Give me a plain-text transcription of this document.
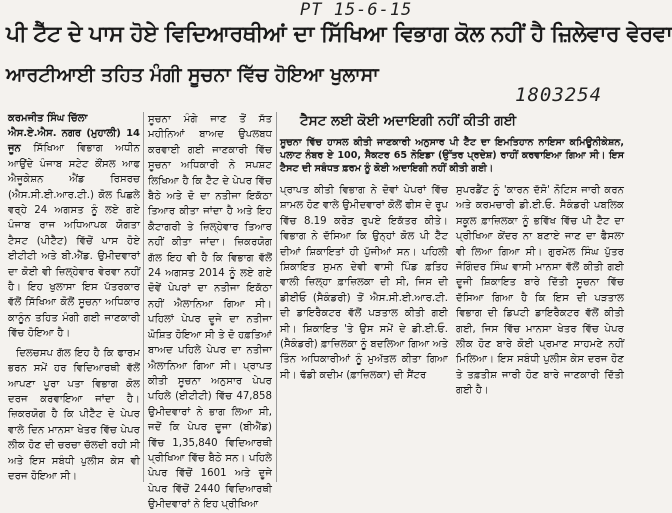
PT 15-6-15
1803254
ਪੀ ਟੈੱਟ ਦੇ ਪਾਸ ਹੋਏ ਵਿਦਿਆਰਥੀਆਂ ਦਾ ਸਿੱਖਿਆ ਵਿਭਾਗ ਕੋਲ ਨਹੀਂ ਹੈ ਜ਼ਿਲੇਵਾਰ ਵੇਰਵਾ
ਆਰਟੀਆਈ ਤਹਿਤ ਮੰਗੀ ਸੂਚਨਾ ਵਿੱਚ ਹੋਇਆ ਖੁਲਾਸਾ
ਕਰਮਜੀਤ ਸਿੰਘ ਚਿੱਲਾ
ਐਸ.ਏ.ਐਸ. ਨਗਰ (ਮੁਹਾਲੀ) 14 ਜੂਨ ਸਿੱਖਿਆ ਵਿਭਾਗ ਅਧੀਨ ਆਉਂਦੇ ਪੰਜਾਬ ਸਟੇਟ ਕੌਂਸਲ ਆਫ ਐਜੂਕੇਸ਼ਨ ਐਂਡ ਰਿਸਰਚ (ਐਸ.ਸੀ.ਈ.ਆਰ.ਟੀ.) ਕੋਲ ਪਿਛਲੇ ਵਰ੍ਹੇ 24 ਅਗਸਤ ਨੂੰ ਲਏ ਗਏ ਪੰਜਾਬ ਰਾਜ ਅਧਿਆਪਕ ਯੋਗਤਾ ਟੈਸਟ (ਪੀਟੈੱਟ) ਵਿੱਚੋਂ ਪਾਸ ਹੋਏ ਈਟੀਟੀ ਅਤੇ ਬੀ.ਐੱਡ. ਉਮੀਦਵਾਰਾਂ ਦਾ ਕੋਈ ਵੀ ਜ਼ਿਲ੍ਹੇਵਾਰ ਵੇਰਵਾ ਨਹੀਂ ਹੈ। ਇਹ ਖੁਲਾਸਾ ਇਸ ਪੱਤਰਕਾਰ ਵੱਲੋਂ ਸਿੱਖਿਆ ਕੋਲੋਂ ਸੂਚਨਾ ਅਧਿਕਾਰ ਕਾਨੂੰਨ ਤਹਿਤ ਮੰਗੀ ਗਈ ਜਾਣਕਾਰੀ ਵਿੱਚ ਹੋਇਆ ਹੈ।

ਦਿਲਚਸਪ ਗੱਲ ਇਹ ਹੈ ਕਿ ਫਾਰਮ ਭਰਨ ਸਮੇਂ ਹਰ ਵਿਦਿਆਰਥੀ ਵੱਲੋਂ ਆਪਣਾ ਪੂਰਾ ਪਤਾ ਵਿਭਾਗ ਕੋਲ ਦਰਜ ਕਰਵਾਇਆ ਜਾਂਦਾ ਹੈ। ਜ਼ਿਕਰਯੋਗ ਹੈ ਕਿ ਪੀਟੈੱਟ ਦੇ ਪੇਪਰ ਵਾਲੇ ਦਿਨ ਮਾਨਸਾ ਖੇਤਰ ਵਿੱਚ ਪੇਪਰ ਲੀਕ ਹੋਣ ਦੀ ਚਰਚਾ ਚੱਲਦੀ ਰਹੀ ਸੀ ਅਤੇ ਇਸ ਸਬੰਧੀ ਪੁਲੀਸ ਕੇਸ ਵੀ ਦਰਜ ਹੋਇਆ ਸੀ।

ਸੂਚਨਾ ਮੰਗੇ ਜਾਣ ਤੋਂ ਸੱਤ ਮਹੀਨਿਆਂ ਬਾਅਦ ਉਪਲਬਧ ਕਰਵਾਈ ਗਈ ਜਾਣਕਾਰੀ ਵਿੱਚ ਸੂਚਨਾ ਅਧਿਕਾਰੀ ਨੇ ਸਪਸ਼ਟ ਲਿਖਿਆ ਹੈ ਕਿ ਟੈੱਟ ਦੇ ਪੇਪਰ ਵਿੱਚ ਬੈਠੇ ਅਤੇ ਦੋ ਦਾ ਨਤੀਜਾ ਇਕੱਠਾ ਤਿਆਰ ਕੀਤਾ ਜਾਂਦਾ ਹੈ ਅਤੇ ਇਹ ਕੈਟਾਗਰੀ ਤੇ ਜ਼ਿਲ੍ਹੇਵਾਰ ਤਿਆਰ ਨਹੀਂ ਕੀਤਾ ਜਾਂਦਾ। ਜ਼ਿਕਰਯੋਗ ਗੱਲ ਇਹ ਵੀ ਹੈ ਕਿ ਵਿਭਾਗ ਵੱਲੋਂ 24 ਅਗਸਤ 2014 ਨੂੰ ਲਏ ਗਏ ਦੋਵੇਂ ਪੇਪਰਾਂ ਦਾ ਨਤੀਜਾ ਇਕੱਠਾ ਨਹੀਂ ਐਲਾਨਿਆ ਗਿਆ ਸੀ। ਪਹਿਲਾਂ ਪੇਪਰ ਦੂਜੇ ਦਾ ਨਤੀਜਾ ਘੋਸ਼ਿਤ ਹੋਇਆ ਸੀ ਤੇ ਦੋ ਹਫ਼ਤਿਆਂ ਬਾਅਦ ਪਹਿਲੇ ਪੇਪਰ ਦਾ ਨਤੀਜਾ ਐਲਾਨਿਆ ਗਿਆ ਸੀ। ਪ੍ਰਾਪਤ ਕੀਤੀ ਸੂਚਨਾ ਅਨੁਸਾਰ ਪੇਪਰ ਪਹਿਲੇ (ਈਟੀਟੀ) ਵਿੱਚ 47,858 ਉਮੀਦਵਾਰਾਂ ਨੇ ਭਾਗ ਲਿਆ ਸੀ, ਜਦੋਂ ਕਿ ਪੇਪਰ ਦੂਜਾ (ਬੀਐੱਡ) ਵਿੱਚ 1,35,840 ਵਿਦਿਆਰਥੀ ਪ੍ਰੀਖਿਆ ਵਿੱਚ ਬੈਠੇ ਸਨ। ਪਹਿਲੇ ਪੇਪਰ ਵਿੱਚੋਂ 1601 ਅਤੇ ਦੂਜੇ ਪੇਪਰ ਵਿੱਚੋਂ 2440 ਵਿਦਿਆਰਥੀ ਉਮੀਦਵਾਰਾਂ ਨੇ ਇਹ ਪ੍ਰੀਖਿਆ

ਟੈਸਟ ਲਈ ਕੋਈ ਅਦਾਇਗੀ ਨਹੀਂ ਕੀਤੀ ਗਈ
ਸੂਚਨਾ ਵਿੱਚ ਹਾਸਲ ਕੀਤੀ ਜਾਣਕਾਰੀ ਅਨੁਸਾਰ ਪੀ ਟੈੱਟ ਦਾ ਇਮਤਿਹਾਨ ਨਾਇਸਾ ਕਮਿਊਨੀਕੇਸ਼ਨ, ਪਲਾਟ ਨੰਬਰ ਏ 100, ਸੈਕਟਰ 65 ਨੋਇਡਾ (ਉੱਤਰ ਪ੍ਰਦੇਸ਼) ਰਾਹੀਂ ਕਰਵਾਇਆ ਗਿਆ ਸੀ। ਇਸ ਟੈਸਟ ਦੀ ਸਬੰਧਤ ਫ਼ਰਮ ਨੂੰ ਕੋਈ ਅਦਾਇਗੀ ਨਹੀਂ ਕੀਤੀ ਗਈ।

ਪ੍ਰਾਪਤ ਕੀਤੀ ਵਿਭਾਗ ਨੇ ਦੋਵਾਂ ਪੇਪਰਾਂ ਵਿੱਚ ਸ਼ਾਮਲ ਹੋਣ ਵਾਲੇ ਉਮੀਦਵਾਰਾਂ ਕੋਲੋਂ ਫੀਸ ਦੇ ਰੂਪ ਵਿੱਚ 8.19 ਕਰੋੜ ਰੁਪਏ ਇਕੱਤਰ ਕੀਤੇ। ਵਿਭਾਗ ਨੇ ਦੱਸਿਆ ਕਿ ਉਨ੍ਹਾਂ ਕੋਲ ਪੀ ਟੈੱਟ ਦੀਆਂ ਸ਼ਿਕਾਇਤਾਂ ਹੀ ਪੁੱਜੀਆਂ ਸਨ। ਪਹਿਲੀ ਸ਼ਿਕਾਇਤ ਸੁਮਨ ਦੇਵੀ ਵਾਸੀ ਪਿੰਡ ਫ਼ਤਿਹ ਵਾਲੀ ਜ਼ਿਲ੍ਹਾ ਫ਼ਾਜ਼ਿਲਕਾ ਦੀ ਸੀ, ਜਿਸ ਦੀ ਡੀਈਓ (ਸੈਕੰਡਰੀ) ਤੋਂ ਐਸ.ਸੀ.ਈ.ਆਰ.ਟੀ. ਦੀ ਡਾਇਰੈਕਟਰ ਵੱਲੋਂ ਪੜਤਾਲ ਕੀਤੀ ਗਈ ਸੀ। ਸ਼ਿਕਾਇਤ 'ਤੇ ਉਸ ਸਮੇਂ ਦੇ ਡੀ.ਈ.ਓ. (ਸੈਕੰਡਰੀ) ਫ਼ਾਜ਼ਿਲਕਾ ਨੂੰ ਬਦਲਿਆ ਗਿਆ ਅਤੇ ਤਿੰਨ ਅਧਿਕਾਰੀਆਂ ਨੂੰ ਮੁਅੱਤਲ ਕੀਤਾ ਗਿਆ ਸੀ। ਢੱਡੀ ਕਦੀਮ (ਫ਼ਾਜ਼ਿਲਕਾ) ਦੀ ਸੈਂਟਰ

ਸੁਪਰਡੈਂਟ ਨੂੰ 'ਕਾਰਨ ਦੱਸੋ' ਨੋਟਿਸ ਜਾਰੀ ਕਰਨ ਅਤੇ ਕਰਮਚਾਰੀ ਡੀ.ਈ.ਓ. ਸੈਕੰਡਰੀ ਪਬਲਿਕ ਸਕੂਲ ਫ਼ਾਜ਼ਿਲਕਾ ਨੂੰ ਭਵਿੱਖ ਵਿੱਚ ਪੀ ਟੈੱਟ ਦਾ ਪ੍ਰੀਖਿਆ ਕੇਂਦਰ ਨਾ ਬਣਾਏ ਜਾਣ ਦਾ ਫੈਸਲਾ ਵੀ ਲਿਆ ਗਿਆ ਸੀ। ਗੁਰਮੇਲ ਸਿੰਘ ਪੁੱਤਰ ਜੋਗਿੰਦਰ ਸਿੰਘ ਵਾਸੀ ਮਾਨਸਾ ਵੱਲੋਂ ਕੀਤੀ ਗਈ ਦੂਜੀ ਸ਼ਿਕਾਇਤ ਬਾਰੇ ਦਿੱਤੀ ਸੂਚਨਾ ਵਿੱਚ ਦੱਸਿਆ ਗਿਆ ਹੈ ਕਿ ਇਸ ਦੀ ਪੜਤਾਲ ਵਿਭਾਗ ਦੀ ਡਿਪਟੀ ਡਾਇਰੈਕਟਰ ਵੱਲੋਂ ਕੀਤੀ ਗਈ, ਜਿਸ ਵਿੱਚ ਮਾਨਸਾ ਖੇਤਰ ਵਿੱਚ ਪੇਪਰ ਲੀਕ ਹੋਣ ਬਾਰੇ ਕੋਈ ਪ੍ਰਮਾਣ ਸਾਹਮਣੇ ਨਹੀਂ ਮਿਲਿਆ। ਇਸ ਸਬੰਧੀ ਪੁਲੀਸ ਕੇਸ ਦਰਜ ਹੋਣ ਤੇ ਤਫ਼ਤੀਸ਼ ਜਾਰੀ ਹੋਣ ਬਾਰੇ ਜਾਣਕਾਰੀ ਦਿੱਤੀ ਗਈ ਹੈ।
